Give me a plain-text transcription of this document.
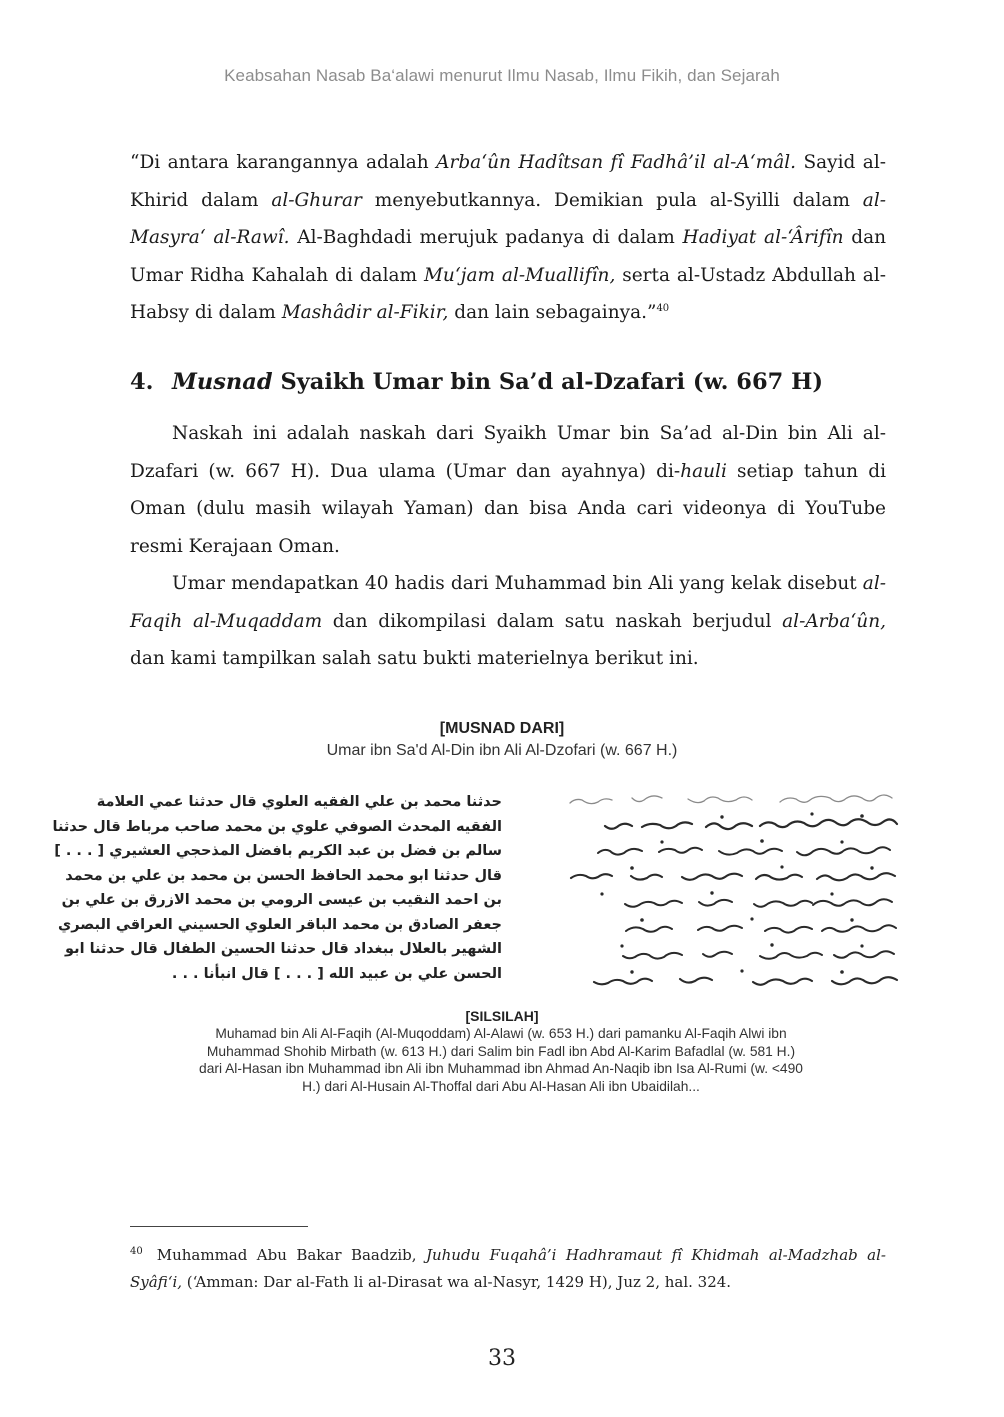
Keabsahan Nasab Ba‘alawi menurut Ilmu Nasab, Ilmu Fikih, dan Sejarah

“Di antara karangannya adalah Arba‘ûn Hadîtsan fî Fadhâ’il al-A‘mâl. Sayid al-Khirid dalam al-Ghurar menyebutkannya. Demikian pula al-Syilli dalam al-Masyra‘ al-Rawî. Al-Baghdadi merujuk padanya di dalam Hadiyat al-‘Ârifîn dan Umar Ridha Kahalah di dalam Mu‘jam al-Muallifîn, serta al-Ustadz Abdullah al-Habsy di dalam Mashâdir al-Fikir, dan lain sebagainya.”$^{40}$

4. Musnad Syaikh Umar bin Sa’d al-Dzafari (w. 667 H)

Naskah ini adalah naskah dari Syaikh Umar bin Sa’ad al-Din bin Ali al-Dzafari (w. 667 H). Dua ulama (Umar dan ayahnya) di-hauli setiap tahun di Oman (dulu masih wilayah Yaman) dan bisa Anda cari videonya di YouTube resmi Kerajaan Oman.

Umar mendapatkan 40 hadis dari Muhammad bin Ali yang kelak disebut al-Faqih al-Muqaddam dan dikompilasi dalam satu naskah berjudul al-Arba‘ûn, dan kami tampilkan salah satu bukti materielnya berikut ini.

[MUSNAD DARI]
Umar ibn Sa'd Al-Din ibn Ali Al-Dzofari (w. 667 H.)
حدثنا محمد بن علي الفقيه العلوي قال حدثنا عمي العلامة
الفقيه المحدث الصوفي علوي بن محمد صاحب مرباط قال حدثنا
سالم بن فضل بن عبد الكريم بافضل المذحجي العشيري [ . . . ]
قال حدثنا ابو محمد الحافظ الحسن بن محمد بن علي بن محمد
بن احمد النقيب بن عيسى الرومي بن محمد الازرق بن علي بن
جعفر الصادق بن محمد الباقر العلوي الحسيني العراقي البصري
الشهير بالعلال ببغداد قال حدثنا الحسين الطفال قال حدثنا ابو
الحسن علي بن عبيد الله [ . . . ] قال انبأنا . . .
[SILSILAH]
Muhamad bin Ali Al-Faqih (Al-Muqoddam) Al-Alawi (w. 653 H.) dari pamanku Al-Faqih Alwi ibn Muhammad Shohib Mirbath (w. 613 H.) dari Salim bin Fadl ibn Abd Al-Karim Bafadlal (w. 581 H.) dari Al-Hasan ibn Muhammad ibn Ali ibn Muhammad ibn Ahmad An-Naqib ibn Isa Al-Rumi (w. <490 H.) dari Al-Husain Al-Thoffal dari Abu Al-Hasan Ali ibn Ubaidilah...
$^{40}$ Muhammad Abu Bakar Baadzib, Juhudu Fuqahâ’i Hadhramaut fî Khidmah al-Madzhab al-Syâfi‘i, (‘Amman: Dar al-Fath li al-Dirasat wa al-Nasyr, 1429 H), Juz 2, hal. 324.
33
